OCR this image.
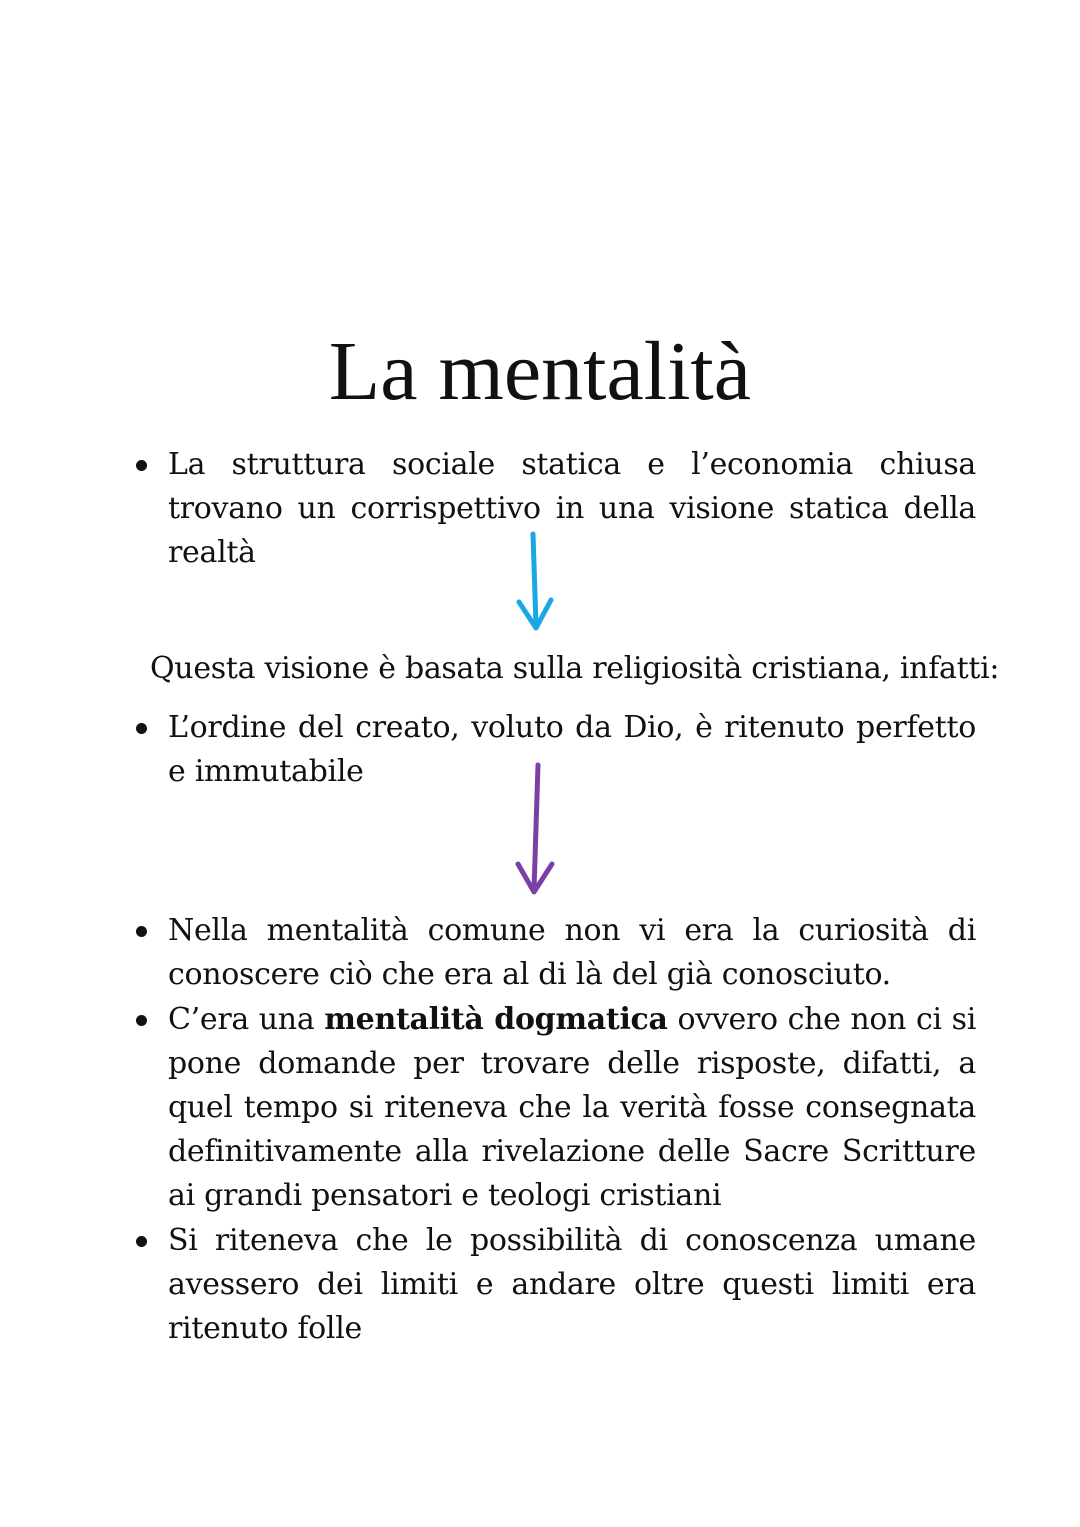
La mentalità
La struttura sociale statica e l’economia chiusa trovano un corrispettivo in una visione statica della realtà
Questa visione è basata sulla religiosità cristiana, infatti:
L’ordine del creato, voluto da Dio, è ritenuto perfetto e immutabile
Nella mentalità comune non vi era la curiosità di conoscere ciò che era al di là del già conosciuto.
C’era una mentalità dogmatica ovvero che non ci si pone domande per trovare delle risposte, difatti, a quel tempo si riteneva che la verità fosse consegnata definitivamente alla rivelazione delle Sacre Scritture ai grandi pensatori e teologi cristiani
Si riteneva che le possibilità di conoscenza umane avessero dei limiti e andare oltre questi limiti era ritenuto folle
